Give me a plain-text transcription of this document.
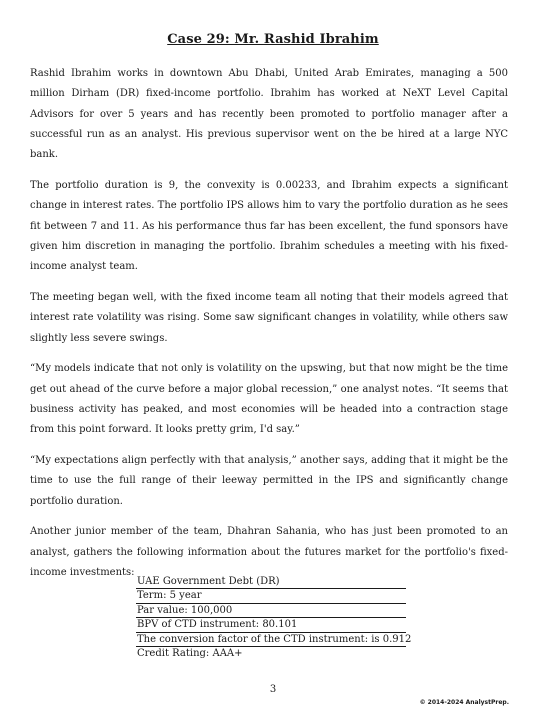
Case 29: Mr. Rashid Ibrahim

Rashid Ibrahim works in downtown Abu Dhabi, United Arab Emirates, managing a 500 million Dirham (DR) fixed-income portfolio. Ibrahim has worked at NeXT Level Capital Advisors for over 5 years and has recently been promoted to portfolio manager after a successful run as an analyst. His previous supervisor went on the be hired at a large NYC bank.

The portfolio duration is 9, the convexity is 0.00233, and Ibrahim expects a significant change in interest rates. The portfolio IPS allows him to vary the portfolio duration as he sees fit between 7 and 11. As his performance thus far has been excellent, the fund sponsors have given him discretion in managing the portfolio. Ibrahim schedules a meeting with his fixed-income analyst team.

The meeting began well, with the fixed income team all noting that their models agreed that interest rate volatility was rising. Some saw significant changes in volatility, while others saw slightly less severe swings.

“My models indicate that not only is volatility on the upswing, but that now might be the time get out ahead of the curve before a major global recession,” one analyst notes. “It seems that business activity has peaked, and most economies will be headed into a contraction stage from this point forward. It looks pretty grim, I'd say.”

“My expectations align perfectly with that analysis,” another says, adding that it might be the time to use the full range of their leeway permitted in the IPS and significantly change portfolio duration.

Another junior member of the team, Dhahran Sahania, who has just been promoted to an analyst, gathers the following information about the futures market for the portfolio's fixed-income investments:

UAE Government Debt (DR)
Term: 5 year
Par value: 100,000
BPV of CTD instrument: 80.101
The conversion factor of the CTD instrument: is 0.912
Credit Rating: AAA+
3
© 2014-2024 AnalystPrep.
